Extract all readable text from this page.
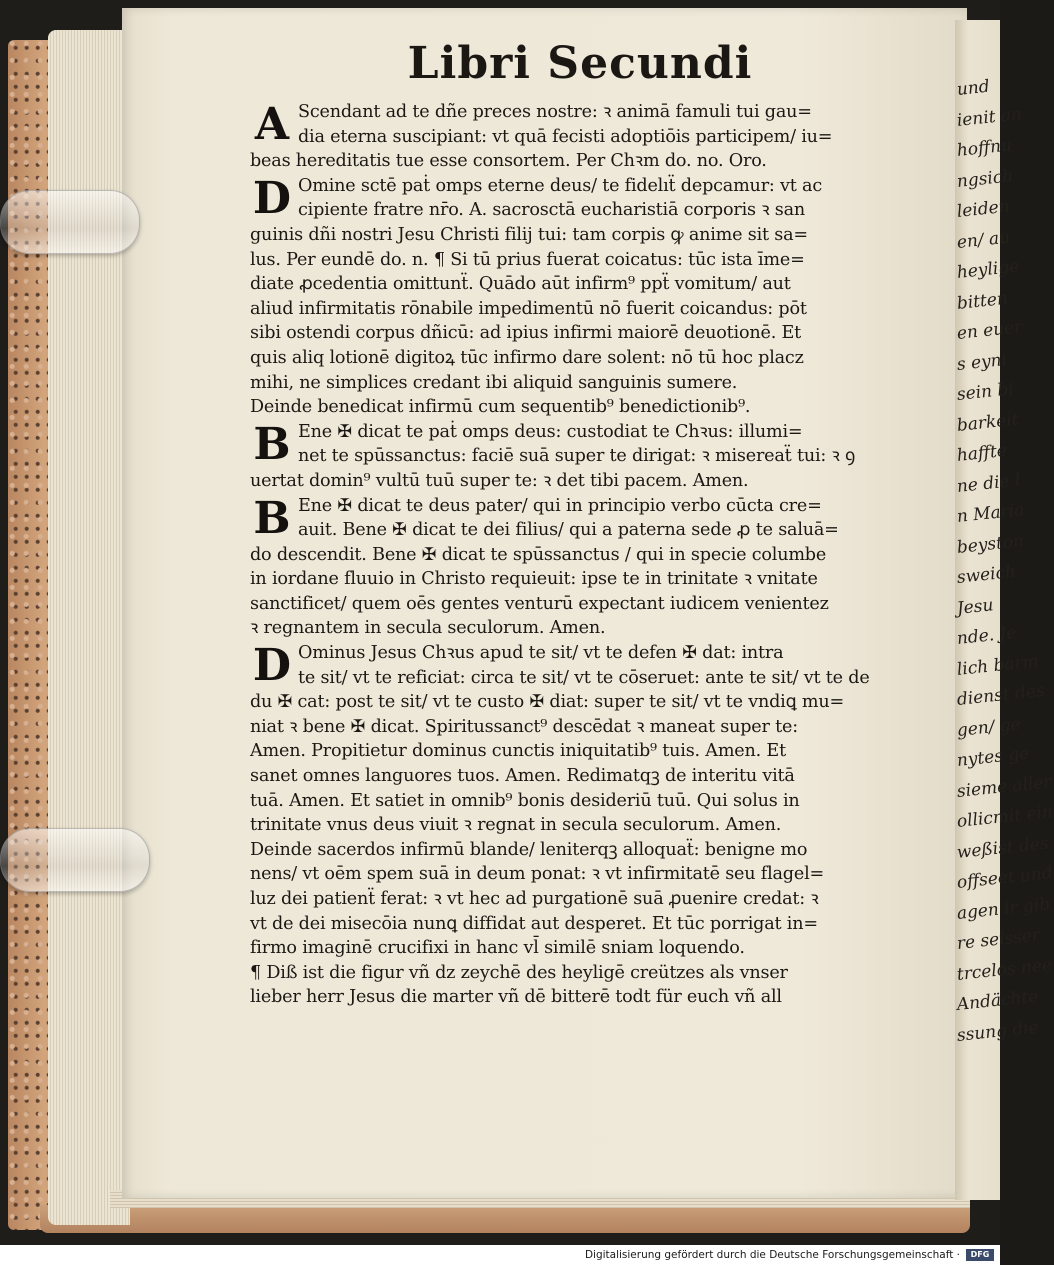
und
ienit an
hoffnu
ngsich
leiden
en/ au
heylige
bitten
en euer
s eyni
sein bi
barkeit
haffte
ne die l
n Maria
beyston
sweich
Jesu
nde. Je
lich barm
dienst des
gen/ ge
nytes ge
sieme aller
ollicmit ein
weßist des
offseet und
agen ir gib
re seisser
trcelos nee
Andächte
ssung die
Libri Secundi
Scendant ad te dñe preces nostre: ꝛ animā famuli tui gau=
dia eterna suscipiant: vt quā fecisti adoptiōis participem/ iu=
beas hereditatis tue esse consortem. Per Chꝛm do. no. Oro.
Omine sctē paṫ omps eterne deus/ te fidelıẗ depcamur: vt ac
cipiente fratre nr̄o. A. sacrosctā eucharistiā corporis ꝛ san
guinis dñi nostri Jesu Christi filij tui: tam corpis ꝙ anime sit sa=
lus. Per eundē do. n. ¶ Si tū prius fuerat coicatus: tūc ista īme=
diate ꝓcedentia omittunẗ. Quādo aūt infirm⁹ ppẗ vomitum/ aut
aliud infirmitatis rōnabile impedimentū nō fuerit coicandus: pōt
sibi ostendi corpus dñicū: ad ipius infirmi maiorē deuotionē. Et
quis aliq lotionē digitoꝝ tūc infirmo dare solent: nō tū hoc placz
mihi, ne simplices credant ibi aliquid sanguinis sumere.
Deinde benedicat infirmū cum sequentib⁹ benedictionib⁹.
Ene ✠ dicat te paṫ omps deus: custodiat te Chꝛus: illumi=
net te spūssanctus: faciē suā super te dirigat: ꝛ misereaẗ tui: ꝛ ꝯ
uertat domin⁹ vultū tuū super te: ꝛ det tibi pacem. Amen.
Ene ✠ dicat te deus pater/ qui in principio verbo cūcta cre=
auit. Bene ✠ dicat te dei filius/ qui a paterna sede ꝓ te saluā=
do descendit. Bene ✠ dicat te spūssanctus / qui in specie columbe
in iordane fluuio in Christo requieuit: ipse te in trinitate ꝛ vnitate
sanctificet/ quem oēs gentes venturū expectant iudicem venientez
ꝛ regnantem in secula seculorum. Amen.
Ominus Jesus Chꝛus apud te sit/ vt te defen ✠ dat: intra
te sit/ vt te reficiat: circa te sit/ vt te cōseruet: ante te sit/ vt te de
du ✠ cat: post te sit/ vt te custo ✠ diat: super te sit/ vt te vndiꝗ mu=
niat ꝛ bene ✠ dicat. Spiritussanct⁹ descēdat ꝛ maneat super te:
Amen. Propitietur dominus cunctis iniquitatib⁹ tuis. Amen. Et
sanet omnes languores tuos. Amen. Redimatqꝫ de interitu vitā
tuā. Amen. Et satiet in omnib⁹ bonis desideriū tuū. Qui solus in
trinitate vnus deus viuit ꝛ regnat in secula seculorum. Amen.
Deinde sacerdos infirmū blande/ leniterqꝫ alloquaẗ: benigne mo
nens/ vt oēm spem suā in deum ponat: ꝛ vt infirmitatē seu flagel=
luz dei patienẗ ferat: ꝛ vt hec ad purgationē suā ꝓuenire credat: ꝛ
vt de dei misecōia nunꝗ diffidat aut desperet. Et tūc porrigat in=
firmo imaginē crucifixi in hanc vl̄ similē sniam loquendo.
¶ Diß ist die figur vñ dz zeychē des heyligē creützes als vnser
lieber herr Jesus die marter vñ dē bitterē todt für euch vñ all
A
D
B
B
D
Digitalisierung gefördert durch die Deutsche Forschungsgemeinschaft ·	DFG
